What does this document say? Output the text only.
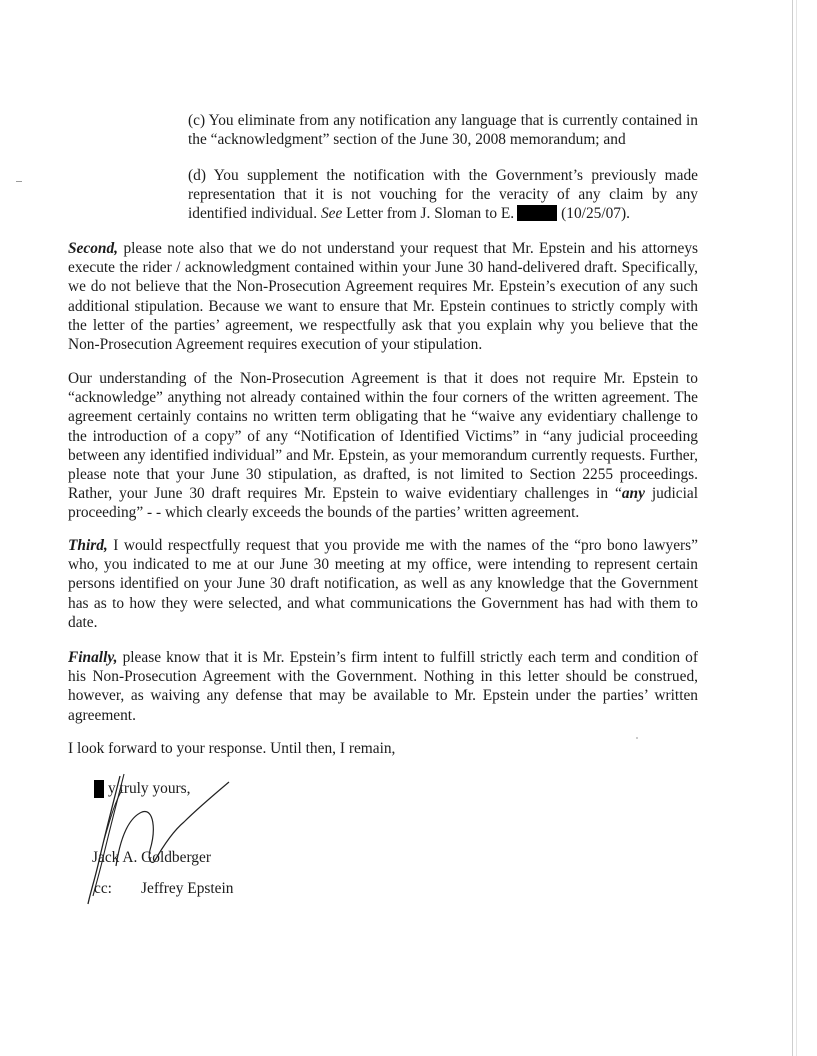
(c) You eliminate from any notification any language that is currently contained in the “acknowledgment” section of the June 30, 2008 memorandum; and

(d) You supplement the notification with the Government’s previously made representation that it is not vouching for the veracity of any claim by any identified individual. See Letter from J. Sloman to E.	(10/25/07).

Second, please note also that we do not understand your request that Mr. Epstein and his attorneys execute the rider / acknowledgment contained within your June 30 hand-delivered draft. Specifically, we do not believe that the Non-Prosecution Agreement requires Mr. Epstein’s execution of any such additional stipulation. Because we want to ensure that Mr. Epstein continues to strictly comply with the letter of the parties’ agreement, we respectfully ask that you explain why you believe that the Non-Prosecution Agreement requires execution of your stipulation.

Our understanding of the Non-Prosecution Agreement is that it does not require Mr. Epstein to “acknowledge” anything not already contained within the four corners of the written agreement. The agreement certainly contains no written term obligating that he “waive any evidentiary challenge to the introduction of a copy” of any “Notification of Identified Victims” in “any judicial proceeding between any identified individual” and Mr. Epstein, as your memorandum currently requests. Further, please note that your June 30 stipulation, as drafted, is not limited to Section 2255 proceedings. Rather, your June 30 draft requires Mr. Epstein to waive evidentiary challenges in “any judicial proceeding” - - which clearly exceeds the bounds of the parties’ written agreement.

Third, I would respectfully request that you provide me with the names of the “pro bono lawyers” who, you indicated to me at our June 30 meeting at my office, were intending to represent certain persons identified on your June 30 draft notification, as well as any knowledge that the Government has as to how they were selected, and what communications the Government has had with them to date.

Finally, please know that it is Mr. Epstein’s firm intent to fulfill strictly each term and condition of his Non-Prosecution Agreement with the Government. Nothing in this letter should be construed, however, as waiving any defense that may be available to Mr. Epstein under the parties’ written agreement.

I look forward to your response. Until then, I remain,

y truly yours,
Jack A. Goldberger
cc: Jeffrey Epstein
